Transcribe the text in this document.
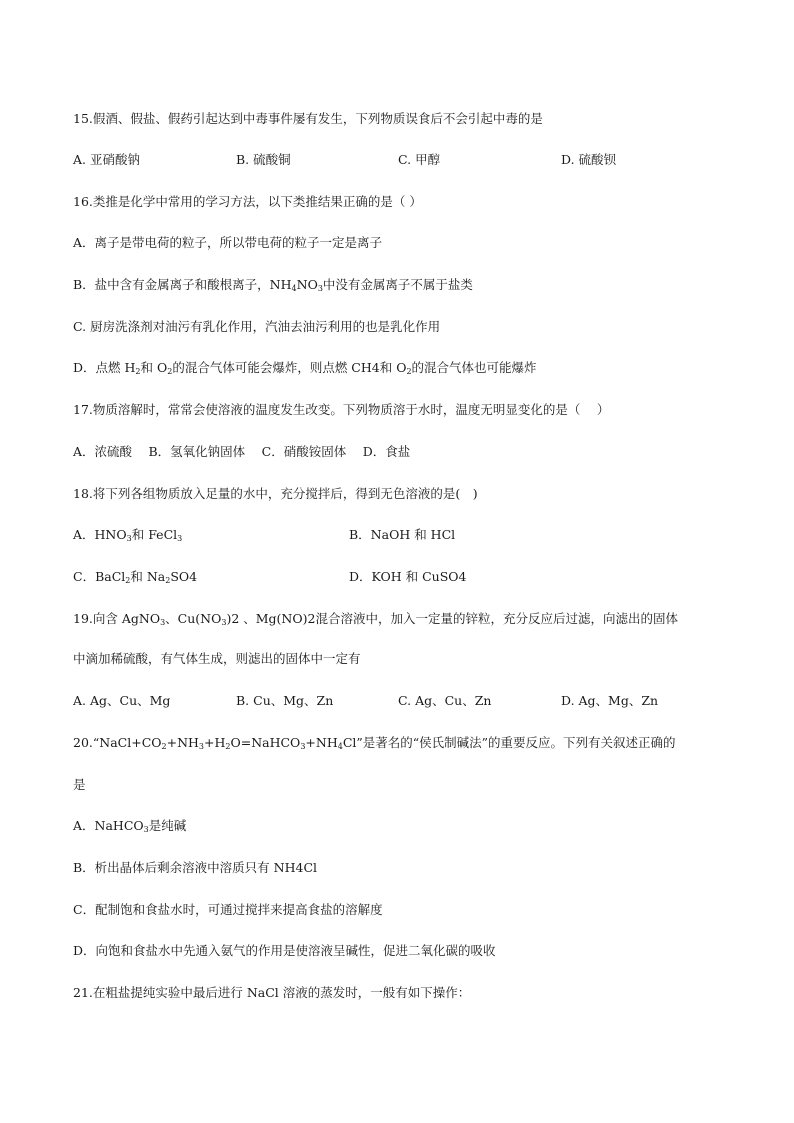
15.假酒、假盐、假药引起达到中毒事件屡有发生，下列物质误食后不会引起中毒的是
A. 亚硝酸钠	B. 硫酸铜	C. 甲醇	D. 硫酸钡
16.类推是化学中常用的学习方法，以下类推结果正确的是（ ）
A．离子是带电荷的粒子，所以带电荷的粒子一定是离子
B．盐中含有金属离子和酸根离子，$NH_4NO_3$中没有金属离子不属于盐类
C. 厨房洗涤剂对油污有乳化作用，汽油去油污利用的也是乳化作用
D．点燃 $H_2$和 $O_2$的混合气体可能会爆炸，则点燃 CH4和 $O_2$的混合气体也可能爆炸
17.物质溶解时，常常会使溶液的温度发生改变。下列物质溶于水时，温度无明显变化的是（　 ）
A．浓硫酸　 B．氢氧化钠固体　 C．硝酸铵固体　 D．食盐
18.将下列各组物质放入足量的水中，充分搅拌后，得到无色溶液的是(　)
A．$HNO_3$和 FeCl$_3$	B．NaOH 和 HCl
C．BaCl$_2$和 $Na_2SO4$	D．KOH 和 CuSO4
19.向含 AgNO$_3$、$Cu(NO_3)2$ 、Mg(NO)2混合溶液中，加入一定量的锌粒，充分反应后过滤，向滤出的固体
中滴加稀硫酸，有气体生成，则滤出的固体中一定有
A. Ag、Cu、Mg	B. Cu、Mg、Zn	C. Ag、Cu、Zn	D. Ag、Mg、Zn
$20.“NaCl+CO_2+NH_3+H_2O=NaHCO_3+NH_4Cl$”是著名的“侯氏制碱法”的重要反应。下列有关叙述正确的
是
A．NaHCO$_3$是纯碱
B．析出晶体后剩余溶液中溶质只有 NH4Cl
C．配制饱和食盐水时，可通过搅拌来提高食盐的溶解度
D．向饱和食盐水中先通入氨气的作用是使溶液呈碱性，促进二氧化碳的吸收
21.在粗盐提纯实验中最后进行 NaCl 溶液的蒸发时，一般有如下操作：
